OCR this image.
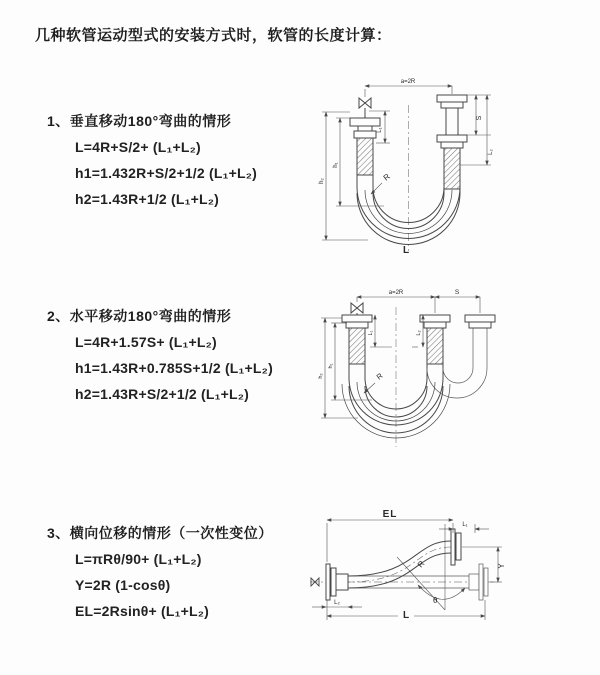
几种软管运动型式的安装方式时，软管的长度计算：
1、垂直移动180°弯曲的情形
L=4R+S/2+ (L₁+L₂)
h1=1.432R+S/2+1/2 (L₁+L₂)
h2=1.43R+1/2 (L₁+L₂)
2、水平移动180°弯曲的情形
L=4R+1.57S+ (L₁+L₂)
h1=1.43R+0.785S+1/2 (L₁+L₂)
h2=1.43R+S/2+1/2 (L₁+L₂)
3、横向位移的情形（一次性变位）
L=πRθ/90+ (L₁+L₂)
Y=2R (1-cosθ)
EL=2Rsinθ+ (L₁+L₂)
a=2R
L₁
h₁
h₂
S
L₂
R
L
a=2R	S
L₁	L₂
h₁
h₂	R
EL
L₁
R
θ
Y
L
L₂
